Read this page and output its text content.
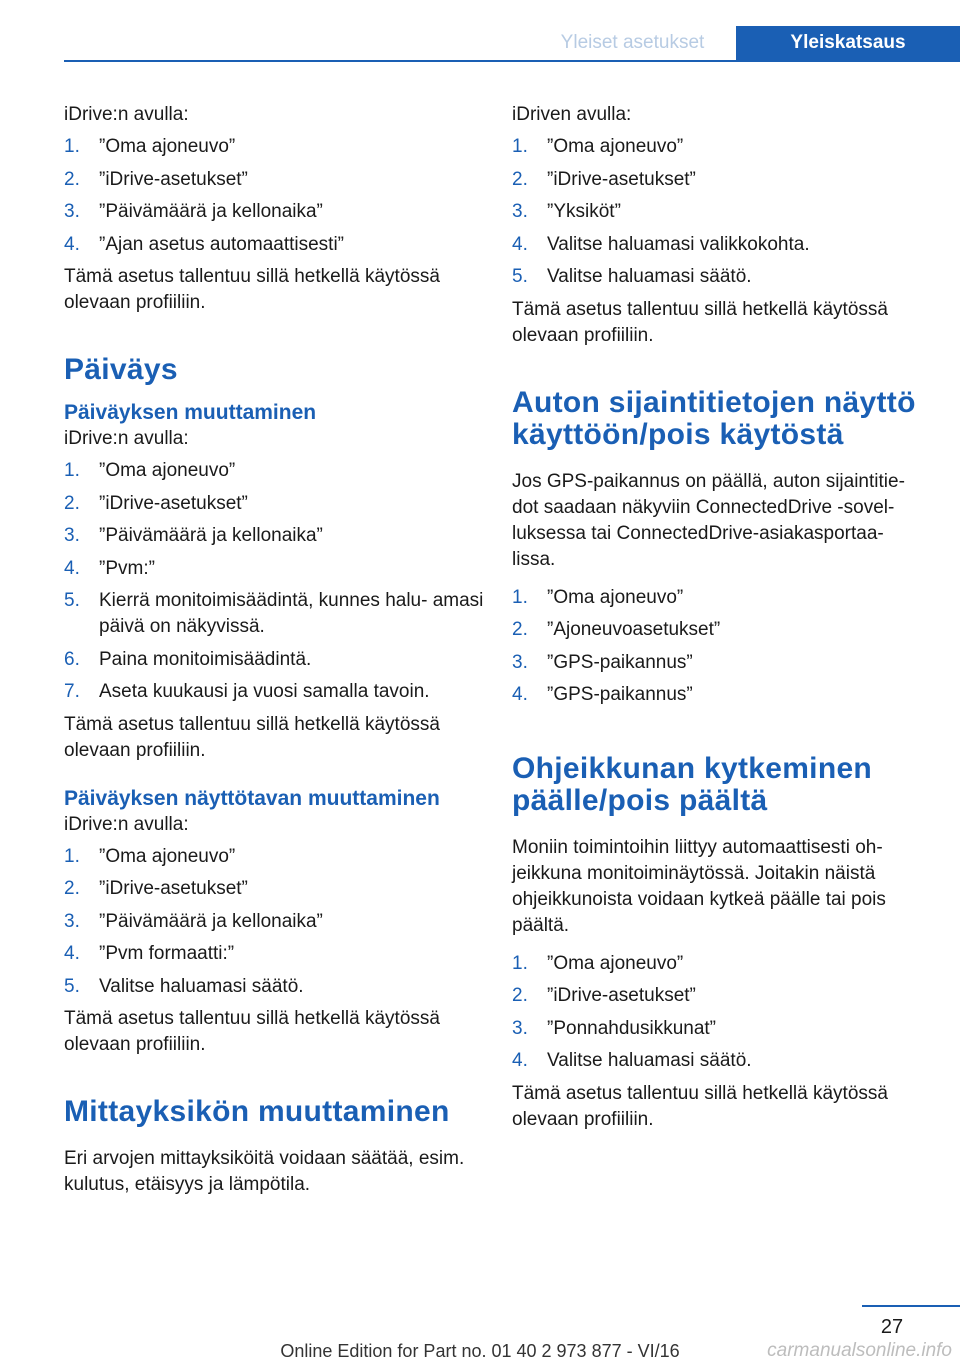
Yleiset asetukset	Yleiskatsaus

iDrive:n avulla:

1. ”Oma ajoneuvo”
2. ”iDrive-asetukset”
3. ”Päivämäärä ja kellonaika”
4. ”Ajan asetus automaattisesti”

Tämä asetus tallentuu sillä hetkellä käytössä olevaan profiiliin.

Päiväys
Päiväyksen muuttaminen

iDrive:n avulla:

1. ”Oma ajoneuvo”
2. ”iDrive-asetukset”
3. ”Päivämäärä ja kellonaika”
4. ”Pvm:”
5. Kierrä monitoimisäädintä, kunnes halu‐ amasi päivä on näkyvissä.
6. Paina monitoimisäädintä.
7. Aseta kuukausi ja vuosi samalla tavoin.

Tämä asetus tallentuu sillä hetkellä käytössä olevaan profiiliin.

Päiväyksen näyttötavan muuttaminen

iDrive:n avulla:

1. ”Oma ajoneuvo”
2. ”iDrive-asetukset”
3. ”Päivämäärä ja kellonaika”
4. ”Pvm formaatti:”
5. Valitse haluamasi säätö.

Tämä asetus tallentuu sillä hetkellä käytössä olevaan profiiliin.

Mittayksikön muuttaminen

Eri arvojen mittayksiköitä voidaan säätää, esim. kulutus, etäisyys ja lämpötila.

iDriven avulla:

1. ”Oma ajoneuvo”
2. ”iDrive-asetukset”
3. ”Yksiköt”
4. Valitse haluamasi valikkokohta.
5. Valitse haluamasi säätö.

Tämä asetus tallentuu sillä hetkellä käytössä olevaan profiiliin.

Auton sijaintitietojen näyttö käyttöön/pois käytöstä

Jos GPS-paikannus on päällä, auton sijaintitie‐ dot saadaan näkyviin ConnectedDrive -sovel‐ luksessa tai ConnectedDrive-asiakasportaa‐ lissa.

1. ”Oma ajoneuvo”
2. ”Ajoneuvoasetukset”
3. ”GPS-paikannus”
4. ”GPS-paikannus”
Ohjeikkunan kytkeminen päälle/pois päältä

Moniin toimintoihin liittyy automaattisesti oh‐ jeikkuna monitoiminäytössä. Joitakin näistä ohjeikkunoista voidaan kytkeä päälle tai pois päältä.

1. ”Oma ajoneuvo”
2. ”iDrive-asetukset”
3. ”Ponnahdusikkunat”
4. Valitse haluamasi säätö.

Tämä asetus tallentuu sillä hetkellä käytössä olevaan profiiliin.

27
Online Edition for Part no. 01 40 2 973 877 - VI/16	carmanualsonline.info
